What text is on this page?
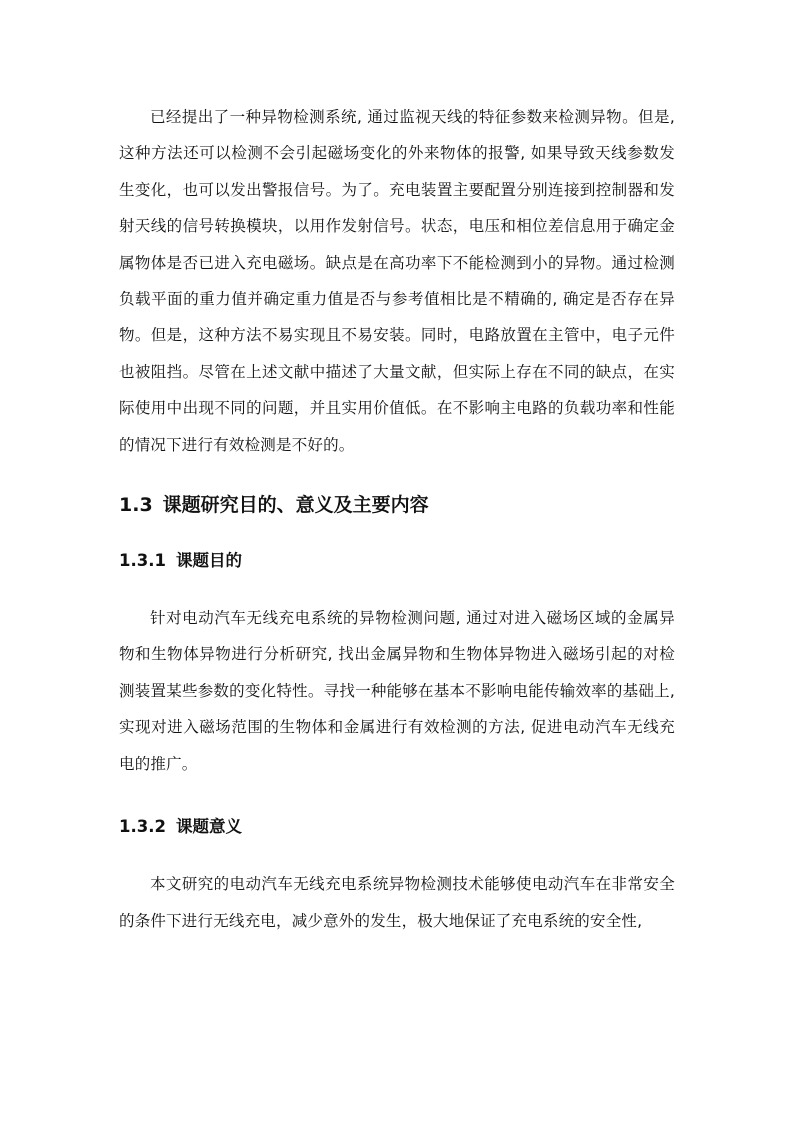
已经提出了一种异物检测系统, 通过监视天线的特征参数来检测异物。但是,这种方法还可以检测不会引起磁场变化的外来物体的报警, 如果导致天线参数发生变化，也可以发出警报信号。为了。充电装置主要配置分别连接到控制器和发射天线的信号转换模块，以用作发射信号。状态，电压和相位差信息用于确定金属物体是否已进入充电磁场。缺点是在高功率下不能检测到小的异物。通过检测负载平面的重力值并确定重力值是否与参考值相比是不精确的, 确定是否存在异物。但是，这种方法不易实现且不易安装。同时，电路放置在主管中，电子元件也被阻挡。尽管在上述文献中描述了大量文献，但实际上存在不同的缺点，在实际使用中出现不同的问题，并且实用价值低。在不影响主电路的负载功率和性能的情况下进行有效检测是不好的。

1.3 课题研究目的、意义及主要内容
1.3.1 课题目的

针对电动汽车无线充电系统的异物检测问题, 通过对进入磁场区域的金属异物和生物体异物进行分析研究, 找出金属异物和生物体异物进入磁场引起的对检测装置某些参数的变化特性。寻找一种能够在基本不影响电能传输效率的基础上,实现对进入磁场范围的生物体和金属进行有效检测的方法, 促进电动汽车无线充电的推广。

1.3.2 课题意义

本文研究的电动汽车无线充电系统异物检测技术能够使电动汽车在非常安全的条件下进行无线充电，减少意外的发生，极大地保证了充电系统的安全性,
